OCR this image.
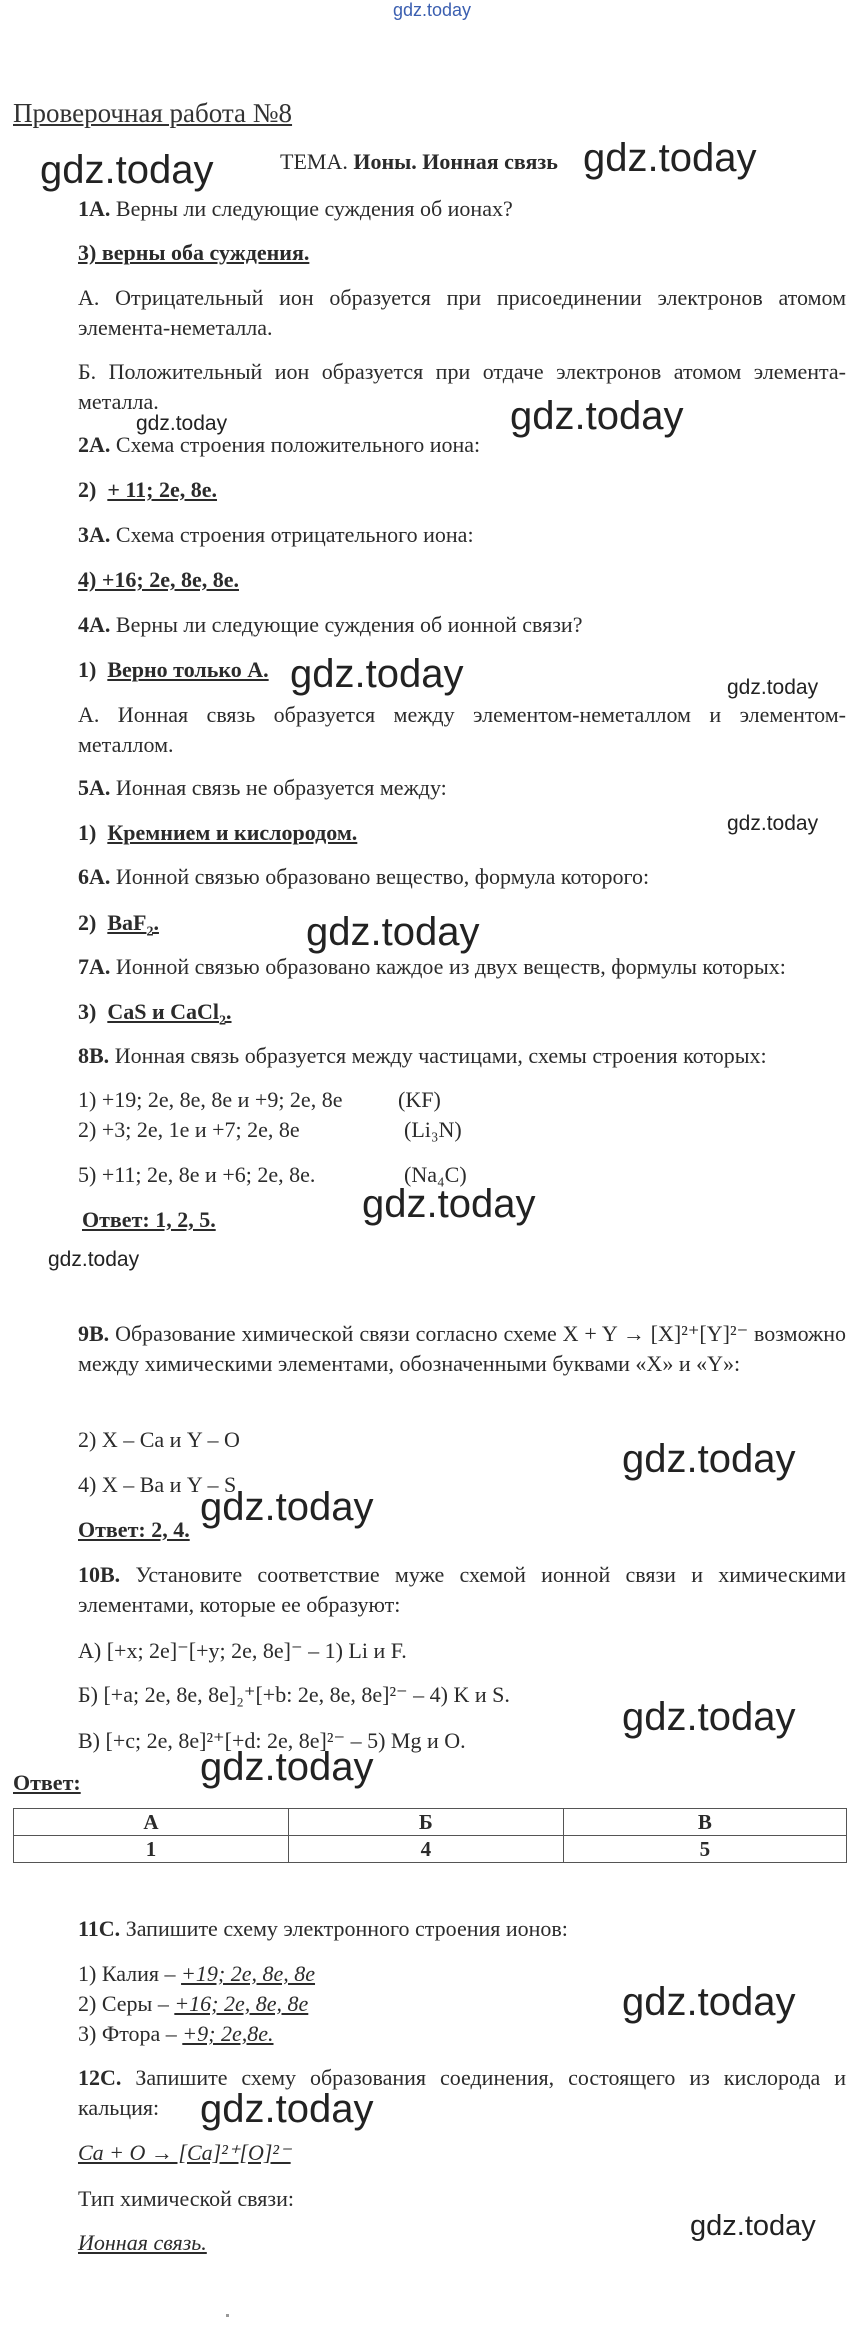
gdz.today
Проверочная работа №8
ТЕМА. Ионы. Ионная связь
gdz.today	gdz.today
gdz.today
gdz.today
gdz.today	gdz.today
gdz.today
gdz.today
gdz.today
gdz.today
gdz.today
gdz.today
gdz.today
gdz.today
gdz.today
gdz.today
gdz.today
1А. Верны ли следующие суждения об ионах?
3) верны оба суждения.
А. Отрицательный ион образуется при присоединении электронов атомом элемента-неметалла.
Б. Положительный ион образуется при отдаче электронов атомом элемента-металла.
2А. Схема строения положительного иона:
2) + 11; 2е, 8е.
3А. Схема строения отрицательного иона:
4) +16; 2е, 8е, 8е.
4А. Верны ли следующие суждения об ионной связи?
1) Верно только А.
А. Ионная связь образуется между элементом-неметаллом и элементом-металлом.
5А. Ионная связь не образуется между:
1) Кремнием и кислородом.
6А. Ионной связью образовано вещество, формула которого:
2) BaF$_2$.
7А. Ионной связью образовано каждое из двух веществ, формулы которых:
3) CaS и CaCl$_2$.
8В. Ионная связь образуется между частицами, схемы строения которых:
1) +19; 2е, 8е, 8е и +9; 2е, 8е	(KF)
2) +3; 2е, 1е и +7; 2е, 8е	(Li₃N)
5) +11; 2е, 8е и +6; 2е, 8е.	(Na₄C)
Ответ: 1, 2, 5.
9В. Образование химической связи согласно схеме X + Y → [X]²⁺[Y]²⁻ возможно между химическими элементами, обозначенными буквами «X» и «Y»:
2) X – Ca и Y – O
4) X – Ba и Y – S
Ответ: 2, 4.
10В. Установите соответствие муже схемой ионной связи и химическими элементами, которые ее образуют:
А) [+x; 2e]⁻[+y; 2e, 8e]⁻ – 1) Li и F.
Б) [+a; 2e, 8e, 8e]₂⁺[+b: 2e, 8e, 8e]²⁻ – 4) K и S.
В) [+c; 2e, 8e]²⁺[+d: 2e, 8e]²⁻ – 5) Mg и O.
Ответ:
А	Б	В
1	4	5
11С. Запишите схему электронного строения ионов:
1) Калия – +19; 2е, 8е, 8е
2) Серы – +16; 2е, 8е, 8е
3) Фтора – +9; 2е,8е.
12С. Запишите схему образования соединения, состоящего из кислорода и кальция:
Ca + O → [Ca]²⁺[O]²⁻
Тип химической связи:
Ионная связь.
